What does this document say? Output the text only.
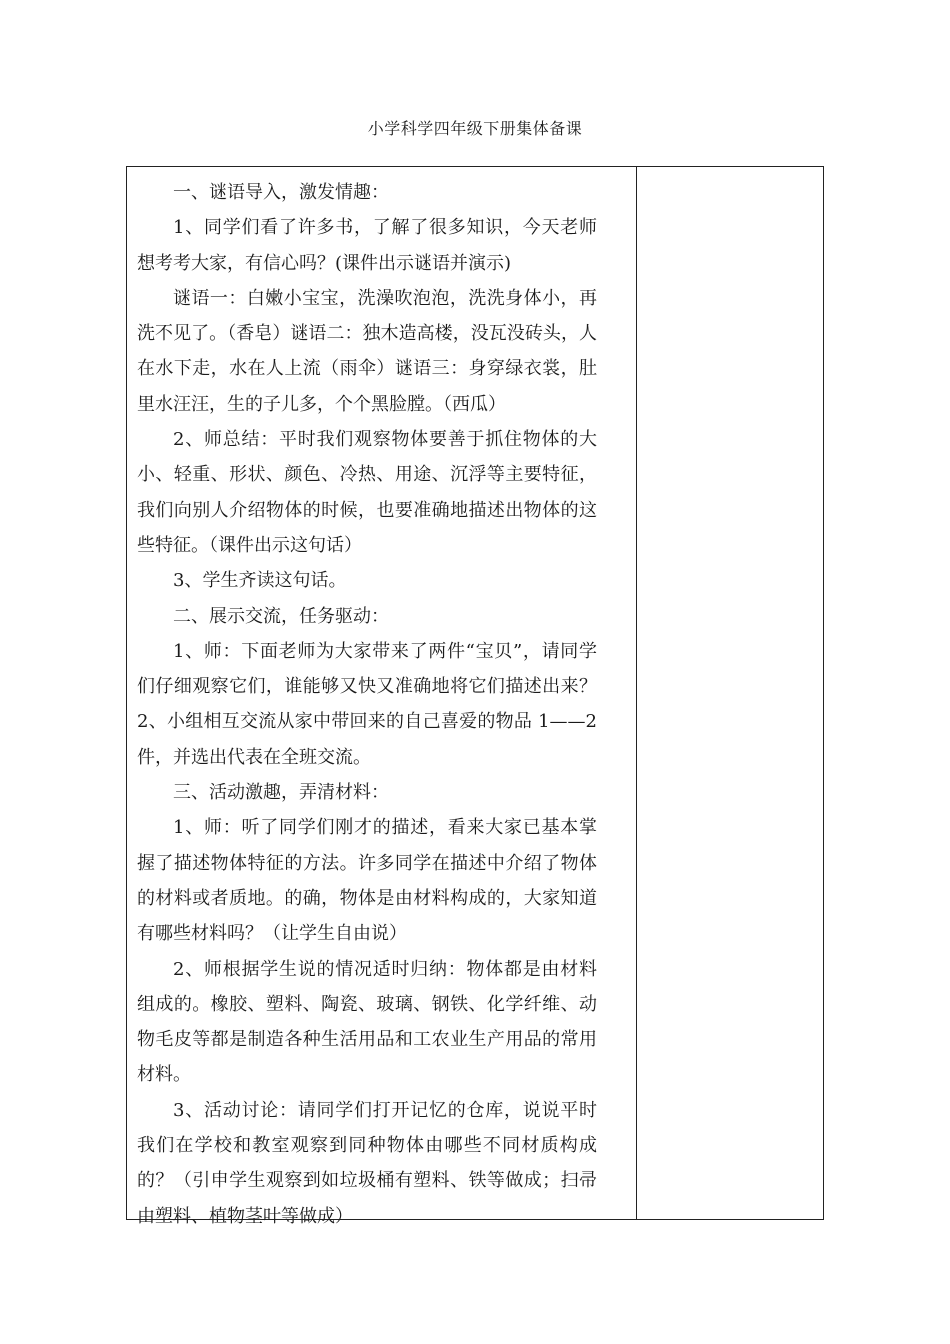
小学科学四年级下册集体备课

一、谜语导入，激发情趣：

1、同学们看了许多书，了解了很多知识，今天老师想考考大家，有信心吗？(课件出示谜语并演示)

谜语一：白嫩小宝宝，洗澡吹泡泡，洗洗身体小，再洗不见了。（香皂）谜语二：独木造高楼，没瓦没砖头，人在水下走，水在人上流（雨伞）谜语三：身穿绿衣裳，肚里水汪汪，生的子儿多，个个黑脸膛。（西瓜）

2、师总结：平时我们观察物体要善于抓住物体的大小、轻重、形状、颜色、冷热、用途、沉浮等主要特征，我们向别人介绍物体的时候，也要准确地描述出物体的这些特征。（课件出示这句话）

3、学生齐读这句话。

二、展示交流，任务驱动：

1、师：下面老师为大家带来了两件“宝贝”，请同学们仔细观察它们，谁能够又快又准确地将它们描述出来？2、小组相互交流从家中带回来的自己喜爱的物品 1——2 件，并选出代表在全班交流。

三、活动激趣，弄清材料：

1、师：听了同学们刚才的描述，看来大家已基本掌握了描述物体特征的方法。许多同学在描述中介绍了物体的材料或者质地。的确，物体是由材料构成的，大家知道有哪些材料吗？（让学生自由说）

2、师根据学生说的情况适时归纳：物体都是由材料组成的。橡胶、塑料、陶瓷、玻璃、钢铁、化学纤维、动物毛皮等都是制造各种生活用品和工农业生产用品的常用材料。

3、活动讨论：请同学们打开记忆的仓库，说说平时我们在学校和教室观察到同种物体由哪些不同材质构成的？（引申学生观察到如垃圾桶有塑料、铁等做成；扫帚由塑料、植物茎叶等做成）
